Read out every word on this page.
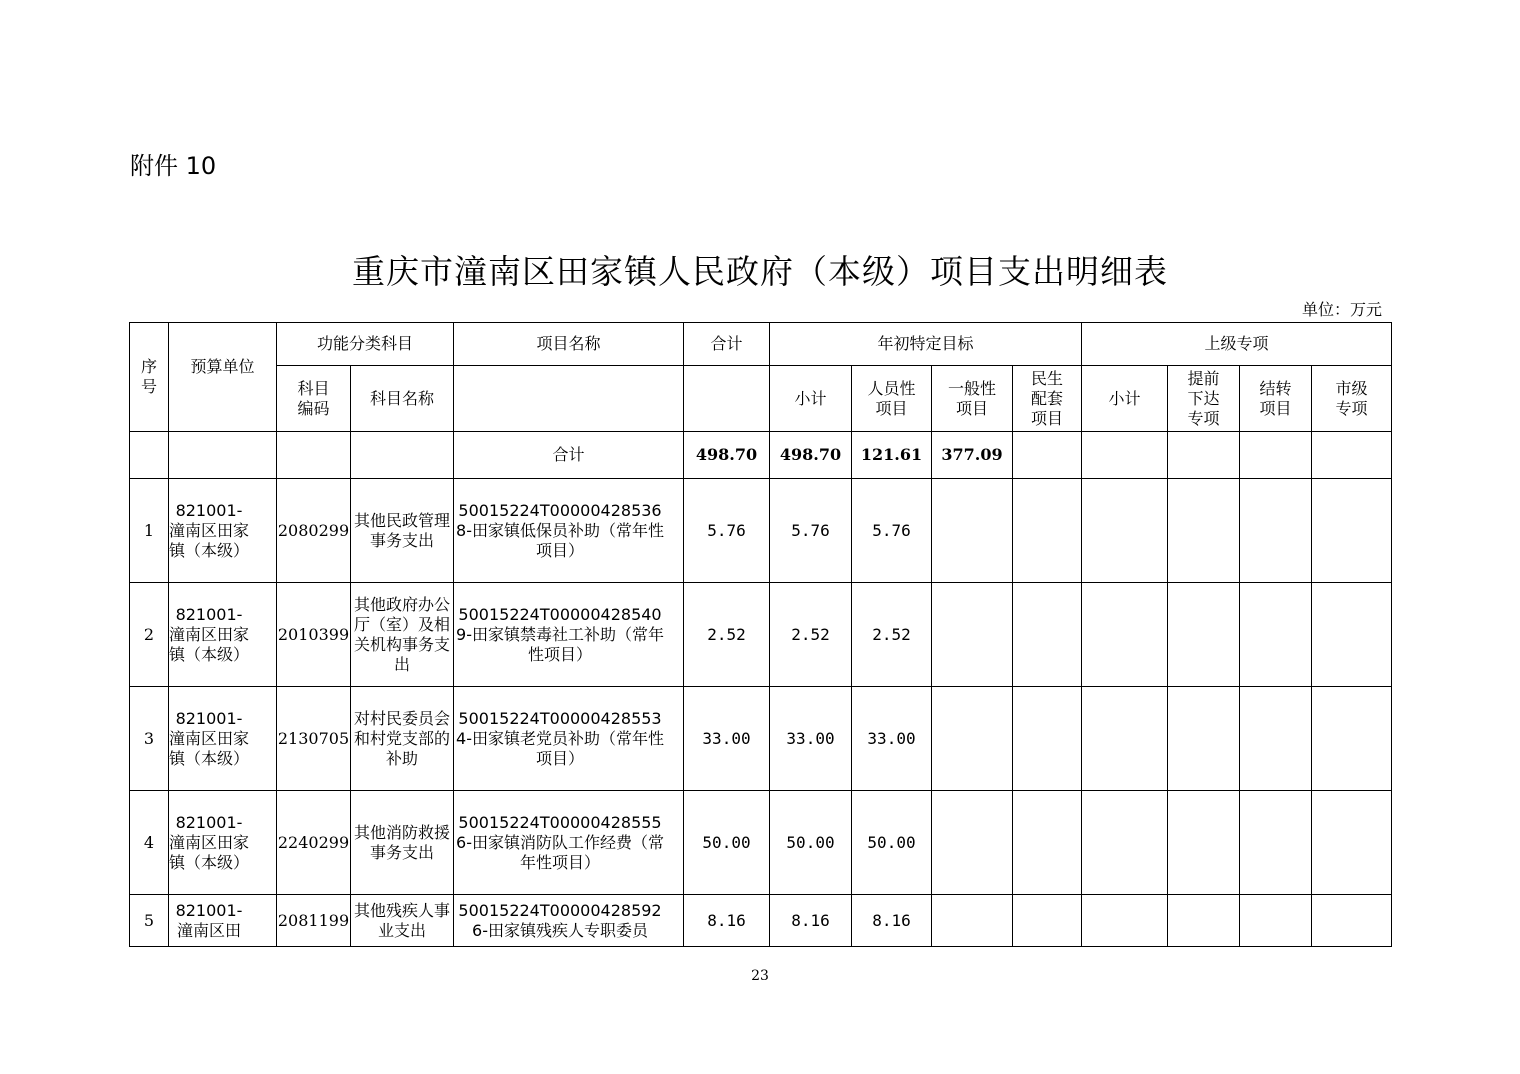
附件 10
重庆市潼南区田家镇人民政府（本级）项目支出明细表
单位：万元
序号	预算单位	功能分类科目		项目名称	合计	年初特定目标				上级专项			

		科目编码	科目名称			小计	人员性项目	一般性项目	民生配套项目	小计	提前下达专项	结转项目	市级专项

				合计	498.70	498.70	121.61	377.09					
1	821001-潼南区田家镇（本级）	2080299	其他民政管理事务支出	50015224T000004285368-田家镇低保员补助（常年性项目）	5.76	5.76	5.76						
2	821001-潼南区田家镇（本级）	2010399	其他政府办公厅（室）及相关机构事务支出	50015224T000004285409-田家镇禁毒社工补助（常年性项目）	2.52	2.52	2.52						
3	821001-潼南区田家镇（本级）	2130705	对村民委员会和村党支部的补助	50015224T000004285534-田家镇老党员补助（常年性项目）	33.00	33.00	33.00						
4	821001-潼南区田家镇（本级）	2240299	其他消防救援事务支出	50015224T000004285556-田家镇消防队工作经费（常年性项目）	50.00	50.00	50.00						
5	821001-潼南区田	2081199	其他残疾人事业支出	50015224T000004285926-田家镇残疾人专职委员	8.16	8.16	8.16						
23
